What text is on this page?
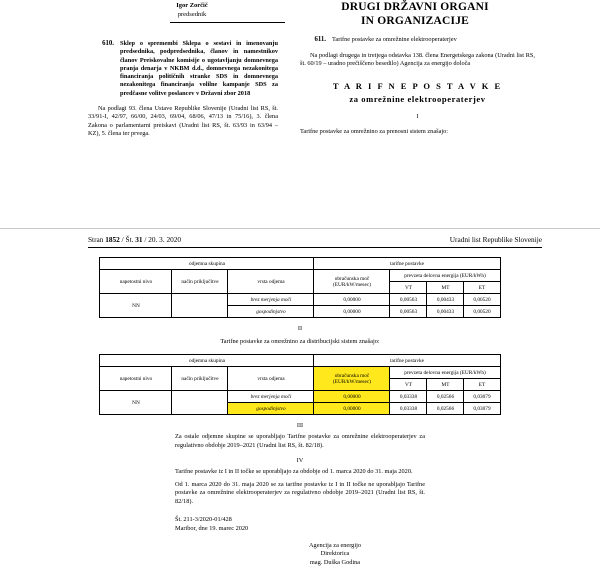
Igor Zorčič
predsednik
DRUGI DRŽAVNI ORGANI
IN ORGANIZACIJE
610. Sklep o spremembi Sklepa o sestavi in imenovanju predsednika, podpredsednika, članov in namestnikov članov Preiskovalne komisije o ugotavljanju domnevnega pranja denarja v NKBM d.d., domnevnega nezakonitega financiranja političnih stranke SDS in domnevnega nezakonitega financiranja volilne kampanje SDS za predčasne volitve poslancev v Državni zbor 2018
Na podlagi 93. člena Ustave Republike Slovenije (Uradni list RS, št. 33/91-I, 42/97, 66/00, 24/03, 69/04, 68/06, 47/13 in 75/16), 3. člena Zakona o parlamentarni preiskavi (Uradni list RS, št. 63/93 in 63/94 – KZ), 5. člena ter prvega.
611. Tarifne postavke za omrežnine elektrooperaterjev
Na podlagi drugega in tretjega odstavka 138. člena Energetskega zakona (Uradni list RS, št. 60/19 – uradno prečiščeno besedilo) Agencija za energijo določa
T A R I F N E P O S T A V K E
za omrežnine elektrooperaterjev
I
Tarifne postavke za omrežnino za prenosni sistem znašajo:
Stran 1852 / Št. 31 / 20. 3. 2020	Uradni list Republike Slovenije
odjemna skupina			tarifne postavke			
napetostni nivo	način priključitve	vrsta odjema	obračunska moč (EUR/kW/mesec)	prevzeta delovna energija (EUR/kWh)		
				VT	MT	ET
NN		brez merjenja moči	0,00000	0,00563	0,00433	0,00520
		gospodinjstvo	0,00000	0,00563	0,00433	0,00520
II
Tarifne postavke za omrežnino za distribucijski sistem znašajo:
odjemna skupina			tarifne postavke			
napetostni nivo	način priključitve	vrsta odjema	obračunska moč (EUR/kW/mesec)	prevzeta delovna energija (EUR/kWh)		
				VT	MT	ET
NN		brez merjenja moči	0,00000	0,03338	0,02566	0,03079
		gospodinjstvo	0,00000	0,03338	0,02566	0,03079
III
Za ostale odjemne skupine se uporabljajo Tarifne postavke za omrežnine elektrooperaterjev za regulativno obdobje 2019–2021 (Uradni list RS, št. 82/18).
IV
Tarifne postavke iz I in II točke se uporabljajo za obdobje od 1. marca 2020 do 31. maja 2020.
Od 1. marca 2020 do 31. maja 2020 se za tarifne postavke iz I in II točke ne uporabljajo Tarifne postavke za omrežnine elektrooperaterjev za regulativno obdobje 2019–2021 (Uradni list RS, št. 82/18).
Št. 211-3/2020-01/428
Maribor, dne 19. marec 2020
Agencija za energijo
Direktorica
mag. Duška Godina
